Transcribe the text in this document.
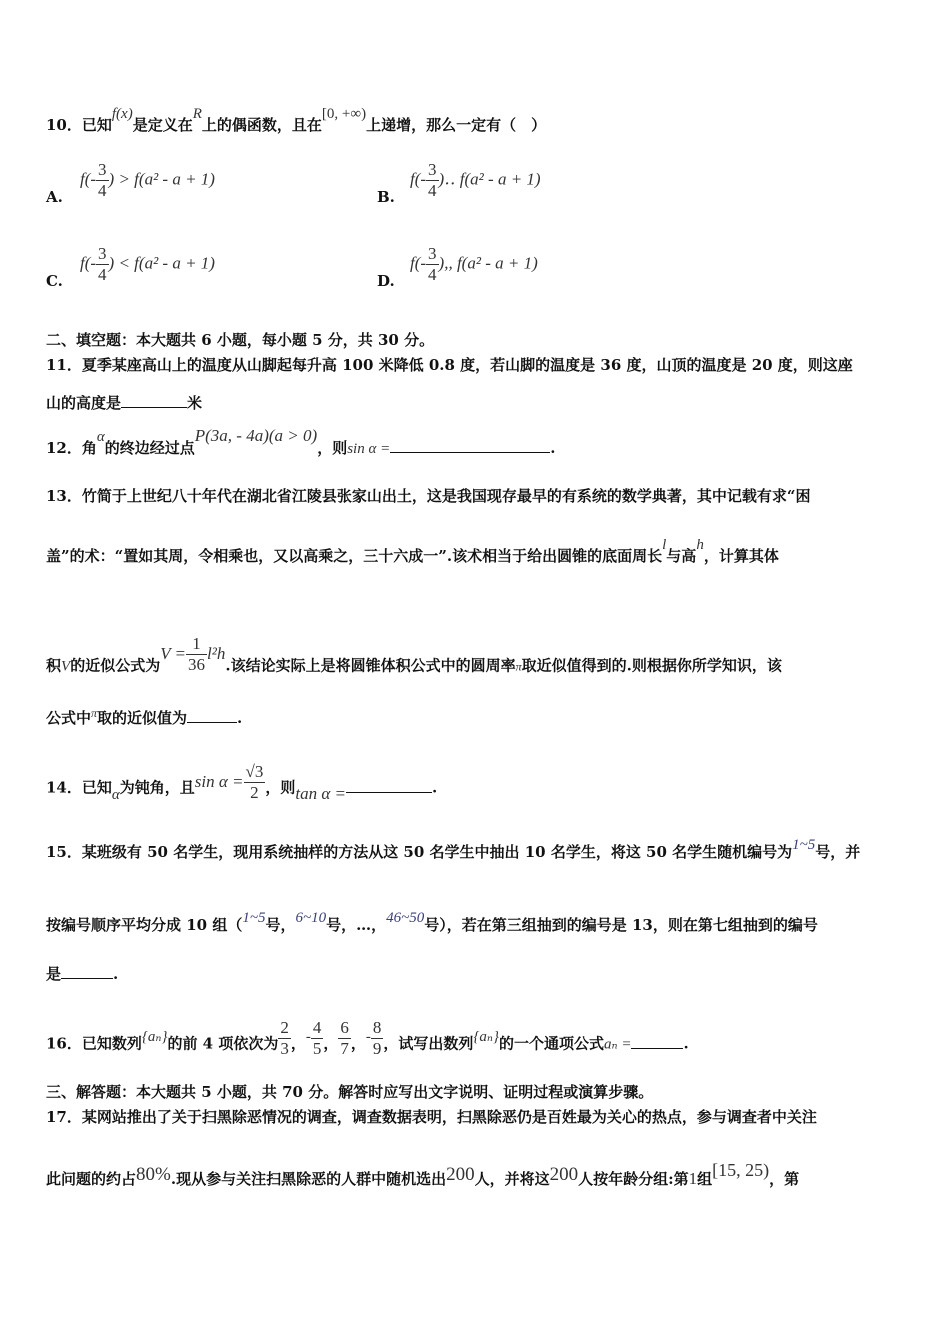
10．已知f(x)是定义在R上的偶函数，且在[0, +∞)上递增，那么一定有（　）
A.
$f(- \frac{3}{4}$ ) > f(a² - a + 1)
B.
$f(- \frac{3}{4}$ )‥ f(a² - a + 1)
C.
$f(- \frac{3}{4}$ ) < f(a² - a + 1)
D.
$f(- \frac{3}{4}$ ),, f(a² - a + 1)
二、填空题：本大题共 6 小题，每小题 5 分，共 30 分。
11．夏季某座高山上的温度从山脚起每升高 100 米降低 0.8 度，若山脚的温度是 36 度，山顶的温度是 20 度，则这座
山的高度是	米
12．角α的终边经过点P(3a, - 4a)(a > 0)，则sin α =	.
13．竹简于上世纪八十年代在湖北省江陵县张家山出土，这是我国现存最早的有系统的数学典著，其中记载有求“困
盖”的术：“置如其周，令相乘也，又以高乘之，三十六成一”.该术相当于给出圆锥的底面周长l与高h，计算其体
积V的近似公式为$V = \frac{1}{36} l^2h$.该结论实际上是将圆锥体积公式中的圆周率π取近似值得到的.则根据你所学知识，该
公式中$^\pi$取的近似值为	.
14．已知α为钝角，且$\sin \alpha = \frac{√3}{2}$ ，则tan α =	.
15．某班级有 50 名学生，现用系统抽样的方法从这 50 名学生中抽出 10 名学生，将这 50 名学生随机编号为1~5号，并
按编号顺序平均分成 10 组（1~5号，6~10号，…，46~50号），若在第三组抽到的编号是 13，则在第七组抽到的编号
是	.
16．已知数列{aₙ}的前 4 项依次为 $\frac{2}{3}$ ，- $\frac{4}{5}$ ， $\frac{6}{7}$ ，- $\frac{8}{9}$ ，试写出数列{aₙ}的一个通项公式aₙ =	.
三、解答题：本大题共 5 小题，共 70 分。解答时应写出文字说明、证明过程或演算步骤。
17．某网站推出了关于扫黑除恶情况的调查，调查数据表明，扫黑除恶仍是百姓最为关心的热点，参与调查者中关注
此问题的约占80%.现从参与关注扫黑除恶的人群中随机选出200人，并将这200人按年龄分组:第1组[15, 25)，第
